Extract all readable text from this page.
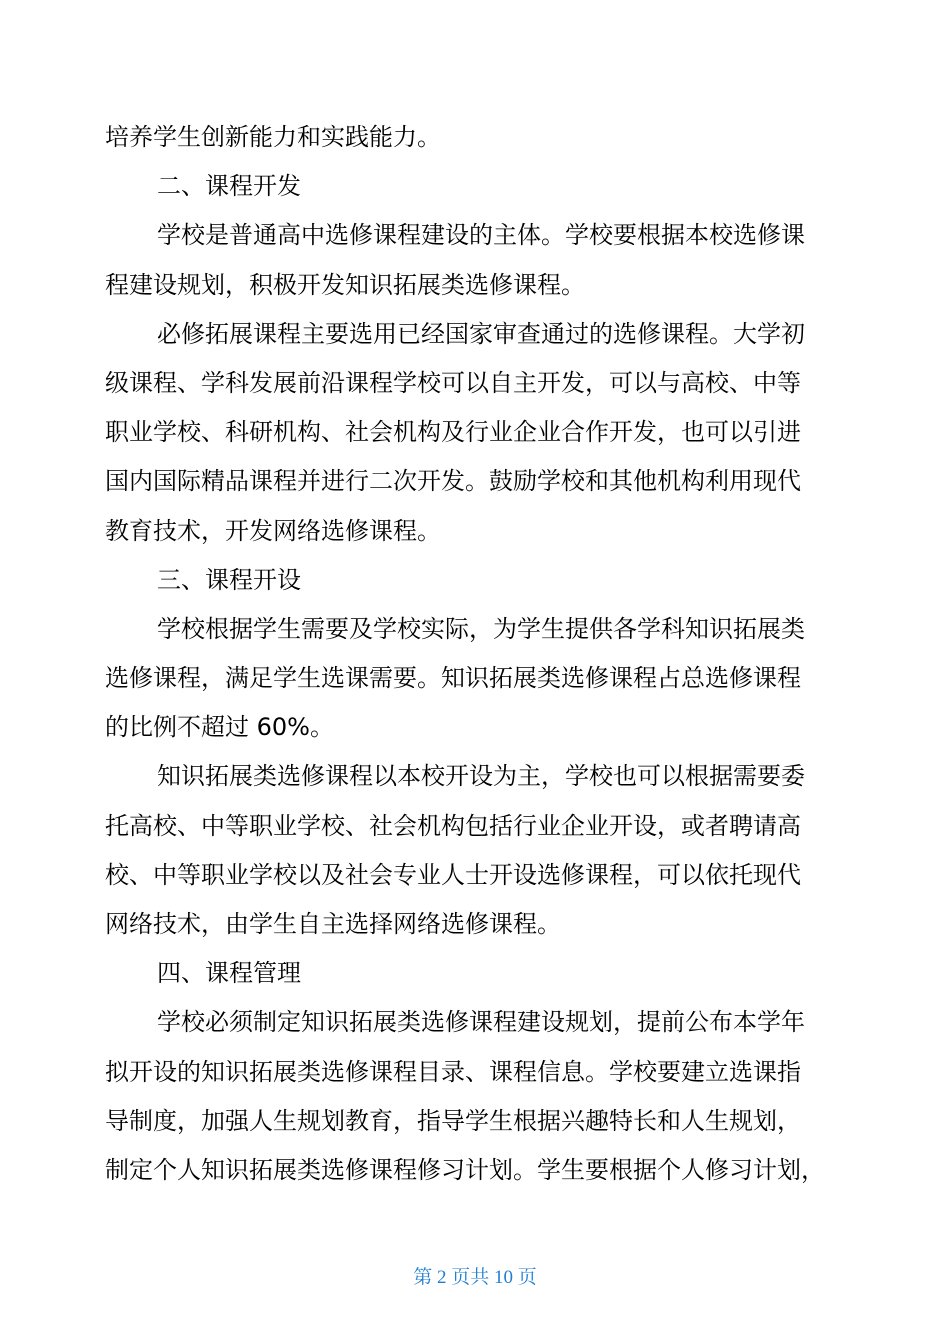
培养学生创新能力和实践能力。
二、课程开发
学校是普通高中选修课程建设的主体。学校要根据本校选修课
程建设规划，积极开发知识拓展类选修课程。
必修拓展课程主要选用已经国家审查通过的选修课程。大学初
级课程、学科发展前沿课程学校可以自主开发，可以与高校、中等
职业学校、科研机构、社会机构及行业企业合作开发，也可以引进
国内国际精品课程并进行二次开发。鼓励学校和其他机构利用现代
教育技术，开发网络选修课程。
三、课程开设
学校根据学生需要及学校实际，为学生提供各学科知识拓展类
选修课程，满足学生选课需要。知识拓展类选修课程占总选修课程
的比例不超过 60%。
知识拓展类选修课程以本校开设为主，学校也可以根据需要委
托高校、中等职业学校、社会机构包括行业企业开设，或者聘请高
校、中等职业学校以及社会专业人士开设选修课程，可以依托现代
网络技术，由学生自主选择网络选修课程。
四、课程管理
学校必须制定知识拓展类选修课程建设规划，提前公布本学年
拟开设的知识拓展类选修课程目录、课程信息。学校要建立选课指
导制度，加强人生规划教育，指导学生根据兴趣特长和人生规划，
制定个人知识拓展类选修课程修习计划。学生要根据个人修习计划，
第 2 页共 10 页
